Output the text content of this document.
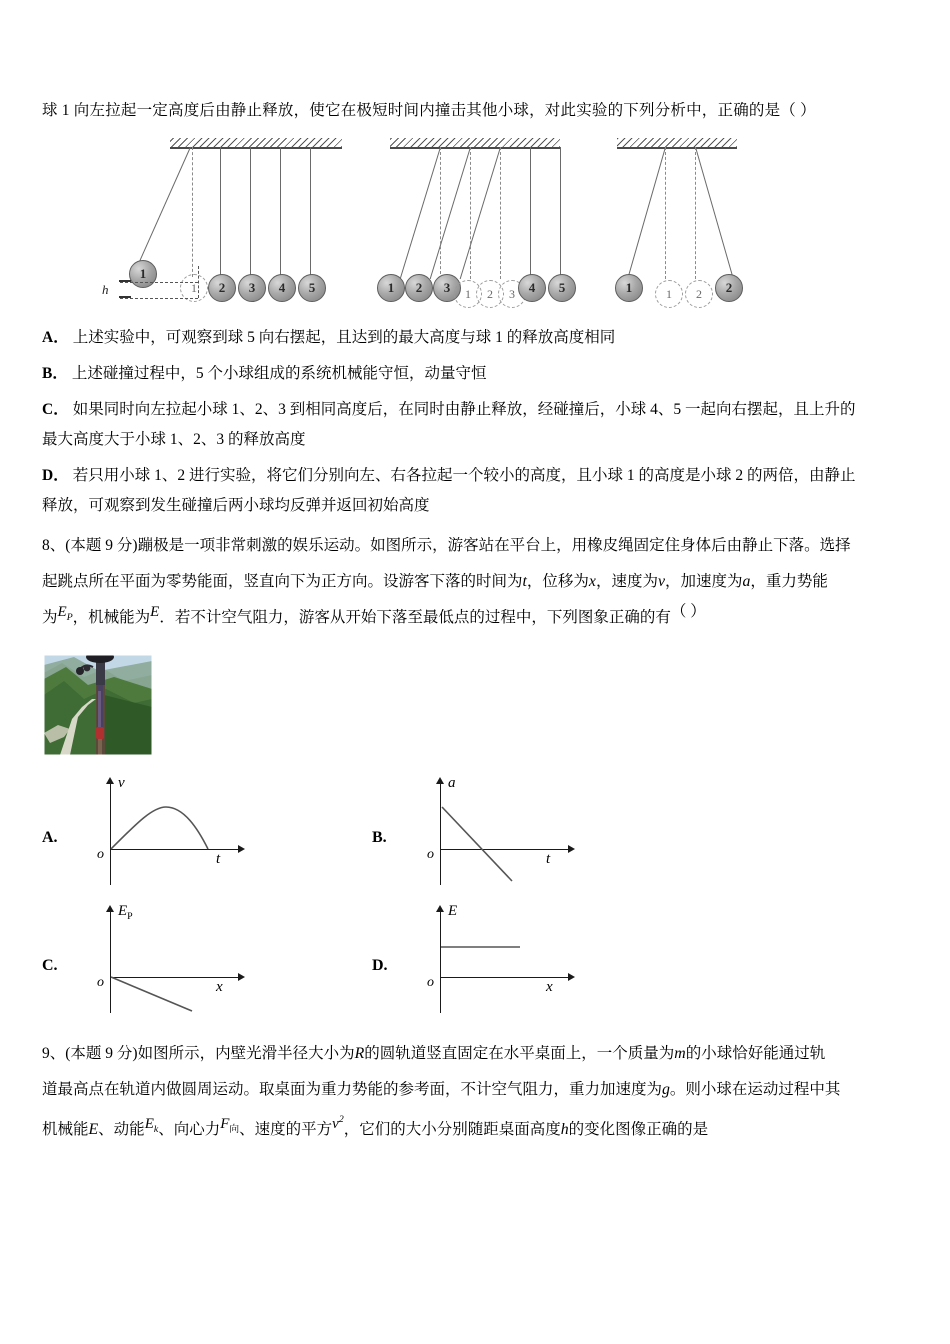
球 1 向左拉起一定高度后由静止释放，使它在极短时间内撞击其他小球，对此实验的下列分析中，正确的是（ ）
1
1	2	3	4	5
h	1	2	3	1	2	3	4	5	1	2
1	2
A． 上述实验中，可观察到球 5 向右摆起，且达到的最大高度与球 1 的释放高度相同
B． 上述碰撞过程中，5 个小球组成的系统机械能守恒，动量守恒
C． 如果同时向左拉起小球 1、2、3 到相同高度后，在同时由静止释放，经碰撞后，小球 4、5 一起向右摆起，且上升的
最大高度大于小球 1、2、3 的释放高度
D． 若只用小球 1、2 进行实验，将它们分别向左、右各拉起一个较小的高度，且小球 1 的高度是小球 2 的两倍，由静止
释放，可观察到发生碰撞后两小球均反弹并返回初始高度
8、(本题 9 分)蹦极是一项非常刺激的娱乐运动。如图所示，游客站在平台上，用橡皮绳固定住身体后由静止下落。选择
起跳点所在平面为零势能面，竖直向下为正方向。设游客下落的时间为t，位移为x，速度为v，加速度为a，重力势能
为$E_P$，机械能为E．若不计空气阻力，游客从开始下落至最低点的过程中，下列图象正确的有（ ）
A.
v
t
o
B.
a
t
o
C.
$E_P$
x
o
D.
E
x
o
9、(本题 9 分)如图所示，内壁光滑半径大小为R的圆轨道竖直固定在水平桌面上，一个质量为m的小球恰好能通过轨
道最高点在轨道内做圆周运动。取桌面为重力势能的参考面，不计空气阻力，重力加速度为g。则小球在运动过程中其
机械能E、动能$E_k$、向心力$F_向$、速度的平方$v^2$，它们的大小分别随距桌面高度h的变化图像正确的是
